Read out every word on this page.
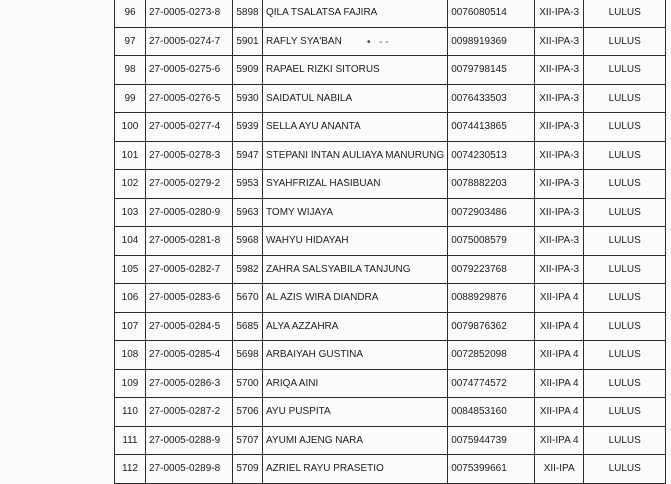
96	27-0005-0273-8	5898	QILA TSALATSA FAJIRA	0076080514	XII-IPA-3	LULUS
97	27-0005-0274-7	5901	RAFLY SYA'BAN	0098919369	XII-IPA-3	LULUS
98	27-0005-0275-6	5909	RAPAEL RIZKI SITORUS	0079798145	XII-IPA-3	LULUS
99	27-0005-0276-5	5930	SAIDATUL NABILA	0076433503	XII-IPA-3	LULUS
100	27-0005-0277-4	5939	SELLA AYU ANANTA	0074413865	XII-IPA-3	LULUS
101	27-0005-0278-3	5947	STEPANI INTAN AULIAYA MANURUNG	0074230513	XII-IPA-3	LULUS
102	27-0005-0279-2	5953	SYAHFRIZAL HASIBUAN	0078882203	XII-IPA-3	LULUS
103	27-0005-0280-9	5963	TOMY WIJAYA	0072903486	XII-IPA-3	LULUS
104	27-0005-0281-8	5968	WAHYU HIDAYAH	0075008579	XII-IPA-3	LULUS
105	27-0005-0282-7	5982	ZAHRA SALSYABILA TANJUNG	0079223768	XII-IPA-3	LULUS
106	27-0005-0283-6	5670	AL AZIS WIRA DIANDRA	0088929876	XII-IPA 4	LULUS
107	27-0005-0284-5	5685	ALYA AZZAHRA	0079876362	XII-IPA 4	LULUS
108	27-0005-0285-4	5698	ARBAIYAH GUSTINA	0072852098	XII-IPA 4	LULUS
109	27-0005-0286-3	5700	ARIQA AINI	0074774572	XII-IPA 4	LULUS
110	27-0005-0287-2	5706	AYU PUSPITA	0084853160	XII-IPA 4	LULUS
111	27-0005-0288-9	5707	AYUMI AJENG NARA	0075944739	XII-IPA 4	LULUS
112	27-0005-0289-8	5709	AZRIEL RAYU PRASETIO	0075399661	XII-IPA	LULUS
• - -
